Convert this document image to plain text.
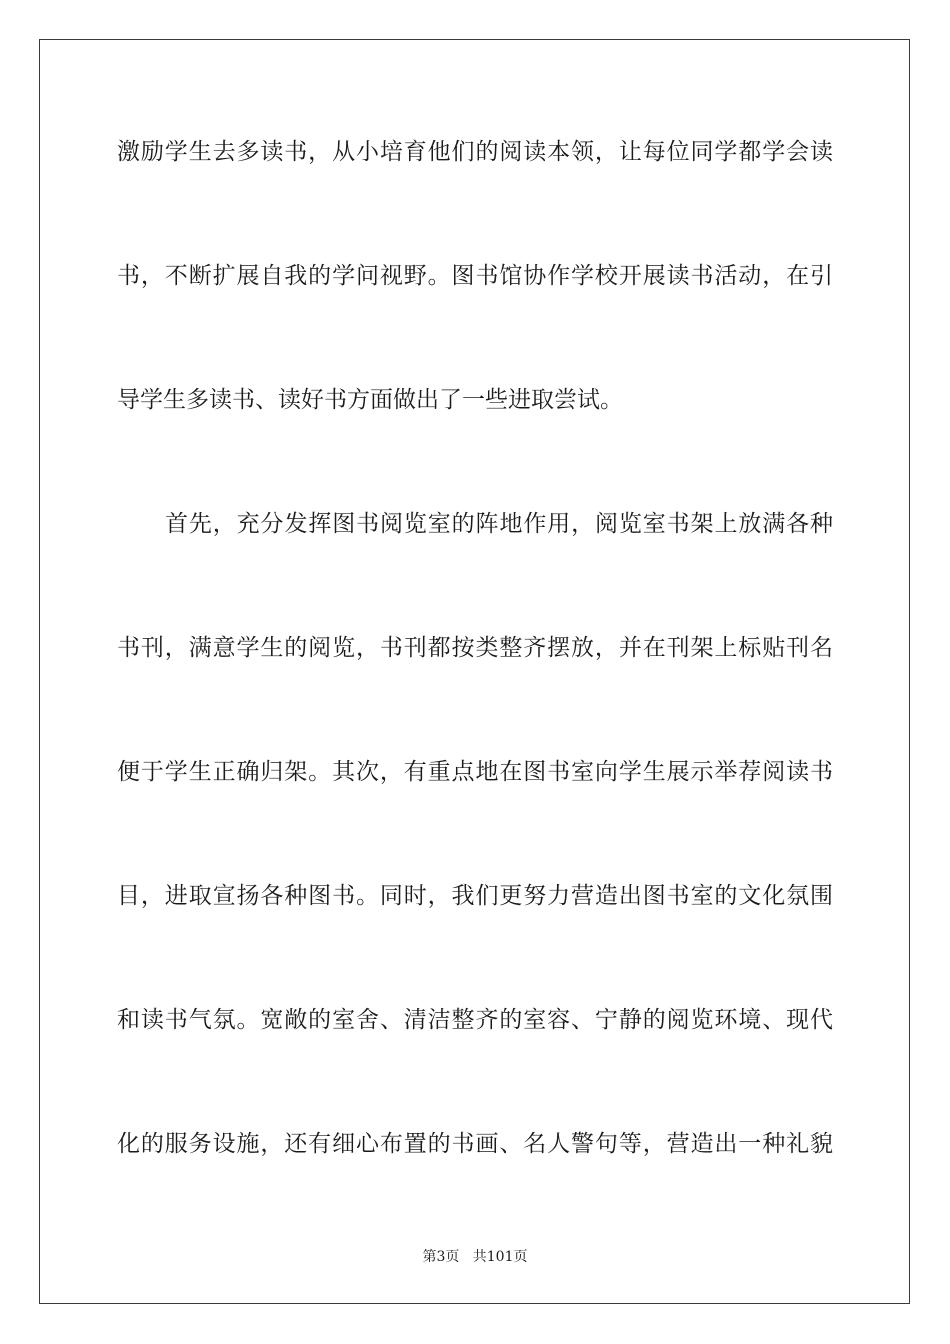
激励学生去多读书，从小培育他们的阅读本领，让每位同学都学会读
书，不断扩展自我的学问视野。图书馆协作学校开展读书活动，在引
导学生多读书、读好书方面做出了一些进取尝试。
首先，充分发挥图书阅览室的阵地作用，阅览室书架上放满各种
书刊，满意学生的阅览，书刊都按类整齐摆放，并在刊架上标贴刊名
便于学生正确归架。其次，有重点地在图书室向学生展示举荐阅读书
目，进取宣扬各种图书。同时，我们更努力营造出图书室的文化氛围
和读书气氛。宽敞的室舍、清洁整齐的室容、宁静的阅览环境、现代
化的服务设施，还有细心布置的书画、名人警句等，营造出一种礼貌
第3页 共101页
